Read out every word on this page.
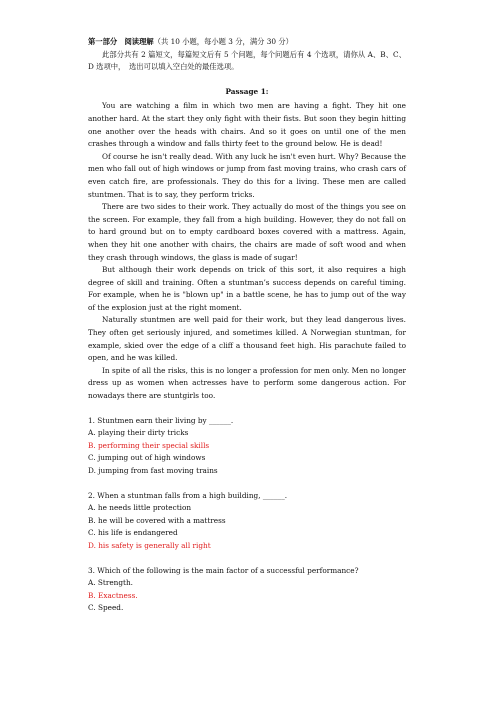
第一部分　阅读理解（共 10 小题，每小题 3 分，满分 30 分）

此部分共有 2 篇短文，每篇短文后有 5 个问题，每个问题后有 4 个选项，请你从 A、B、C、D 选项中，　选出可以填入空白处的最佳选项。

Passage 1:

You are watching a film in which two men are having a fight. They hit one another hard. At the start they only fight with their fists. But soon they begin hitting one another over the heads with chairs. And so it goes on until one of the men crashes through a window and falls thirty feet to the ground below. He is dead!

Of course he isn't really dead. With any luck he isn't even hurt. Why? Because the men who fall out of high windows or jump from fast moving trains, who crash cars of even catch fire, are professionals. They do this for a living. These men are called stuntmen. That is to say, they perform tricks.

There are two sides to their work. They actually do most of the things you see on the screen. For example, they fall from a high building. However, they do not fall on to hard ground but on to empty cardboard boxes covered with a mattress. Again, when they hit one another with chairs, the chairs are made of soft wood and when they crash through windows, the glass is made of sugar!

But although their work depends on trick of this sort, it also requires a high degree of skill and training. Often a stuntman’s success depends on careful timing. For example, when he is "blown up" in a battle scene, he has to jump out of the way of the explosion just at the right moment.

Naturally stuntmen are well paid for their work, but they lead dangerous lives. They often get seriously injured, and sometimes killed. A Norwegian stuntman, for example, skied over the edge of a cliff a thousand feet high. His parachute failed to open, and he was killed.

In spite of all the risks, this is no longer a profession for men only. Men no longer dress up as women when actresses have to perform some dangerous action. For nowadays there are stuntgirls too.

1. Stuntmen earn their living by ______.

A. playing their dirty tricks

B. performing their special skills

C. jumping out of high windows

D. jumping from fast moving trains

2. When a stuntman falls from a high building, ______.

A. he needs little protection

B. he will be covered with a mattress

C. his life is endangered

D. his safety is generally all right

3. Which of the following is the main factor of a successful performance?

A. Strength.

B. Exactness.

C. Speed.
